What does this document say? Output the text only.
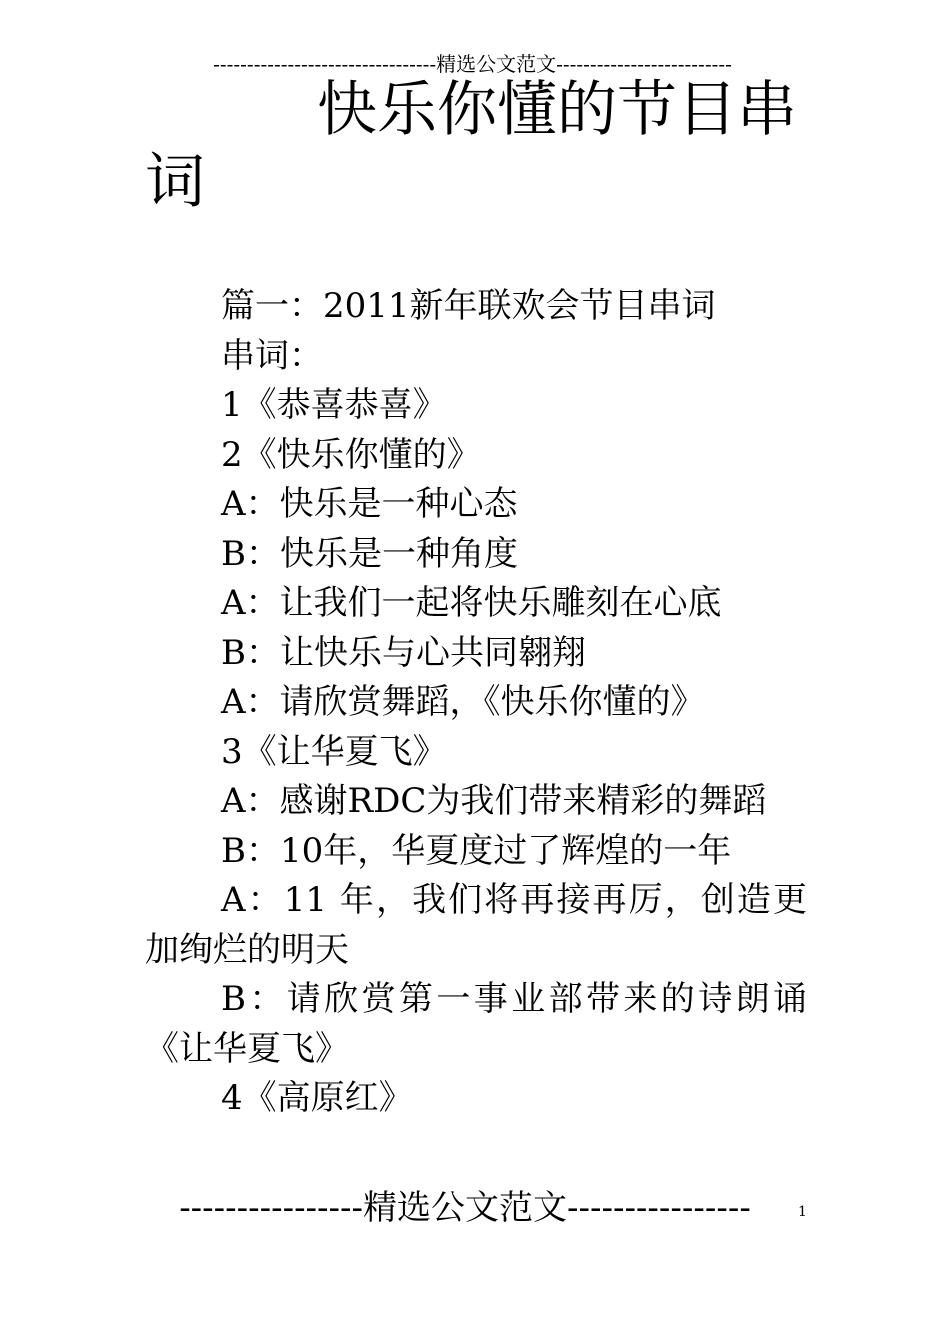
---------------------------------精选公文范文--------------------------
快乐你懂的节目串词

篇一：2011新年联欢会节目串词

串词：

1《恭喜恭喜》

2《快乐你懂的》

A：快乐是一种心态

B：快乐是一种角度

A：让我们一起将快乐雕刻在心底

B：让快乐与心共同翱翔

A：请欣赏舞蹈，《快乐你懂的》

3《让华夏飞》

A：感谢RDC为我们带来精彩的舞蹈

B：10年，华夏度过了辉煌的一年

A：11 年，我们将再接再厉，创造更加绚烂的明天

B：请欣赏第一事业部带来的诗朗诵《让华夏飞》

4《高原红》

----------------精选公文范文----------------	1
